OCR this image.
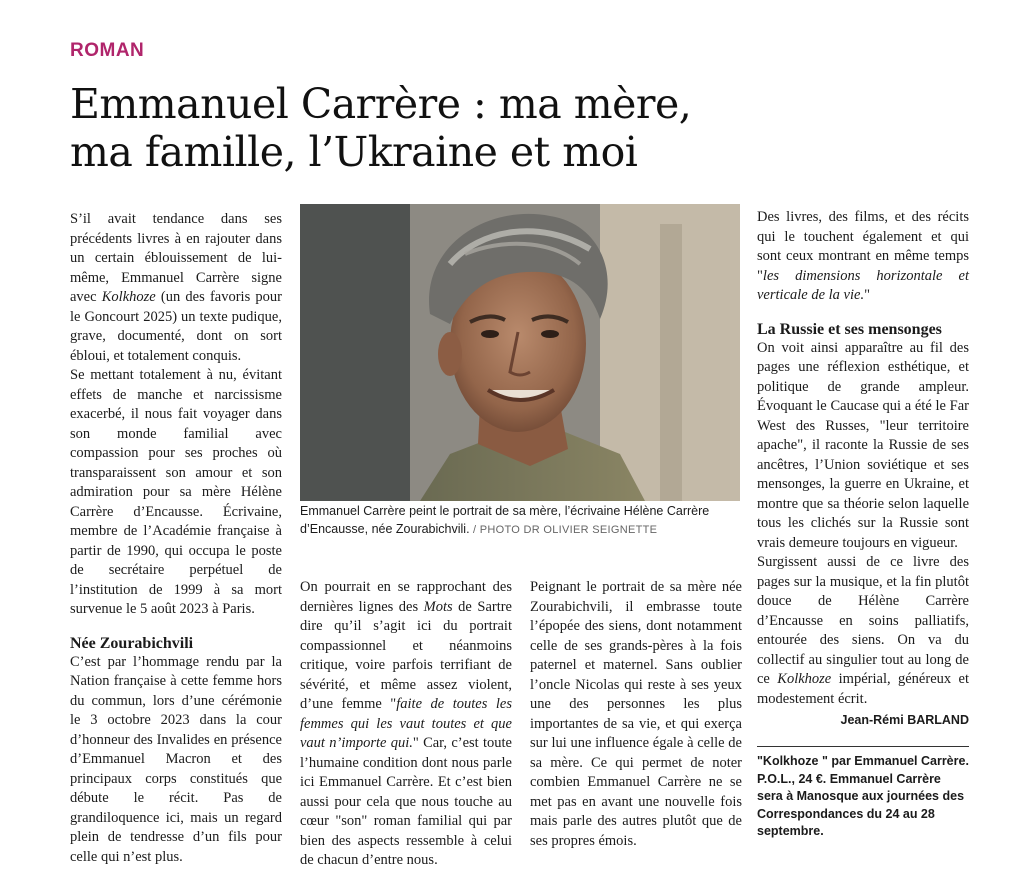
ROMAN
Emmanuel Carrère : ma mère,
ma famille, l’Ukraine et moi

S’il avait tendance dans ses précédents livres à en rajouter dans un certain éblouissement de lui-même, Emmanuel Carrère signe avec Kolkhoze (un des favoris pour le Goncourt 2025) un texte pudique, grave, documenté, dont on sort ébloui, et totalement conquis.

Se mettant totalement à nu, évitant effets de manche et narcissisme exacerbé, il nous fait voyager dans son monde familial avec compassion pour ses proches où transparaissent son amour et son admiration pour sa mère Hélène Carrère d’Encausse. Écrivaine, membre de l’Académie française à partir de 1990, qui occupa le poste de secrétaire perpétuel de l’institution de 1999 à sa mort survenue le 5 août 2023 à Paris.

Née Zourabichvili

C’est par l’hommage rendu par la Nation française à cette femme hors du commun, lors d’une cérémonie le 3 octobre 2023 dans la cour d’honneur des Invalides en présence d’Emmanuel Macron et des principaux corps constitués que débute le récit. Pas de grandiloquence ici, mais un regard plein de tendresse d’un fils pour celle qui n’est plus.

Emmanuel Carrère peint le portrait de sa mère, l’écrivaine Hélène Carrère d’Encausse, née Zourabichvili. / PHOTO DR OLIVIER SEIGNETTE

On pourrait en se rapprochant des dernières lignes des Mots de Sartre dire qu’il s’agit ici du portrait compassionnel et néanmoins critique, voire parfois terrifiant de sévérité, et même assez violent, d’une femme "faite de toutes les femmes qui les vaut toutes et que vaut n’importe qui." Car, c’est toute l’humaine condition dont nous parle ici Emmanuel Carrère. Et c’est bien aussi pour cela que nous touche au cœur "son" roman familial qui par bien des aspects ressemble à celui de chacun d’entre nous.

Peignant le portrait de sa mère née Zourabichvili, il embrasse toute l’épopée des siens, dont notamment celle de ses grands-pères à la fois paternel et maternel. Sans oublier l’oncle Nicolas qui reste à ses yeux une des personnes les plus importantes de sa vie, et qui exerça sur lui une influence égale à celle de sa mère. Ce qui permet de noter combien Emmanuel Carrère ne se met pas en avant une nouvelle fois mais parle des autres plutôt que de ses propres émois.

Des livres, des films, et des récits qui le touchent également et qui sont ceux montrant en même temps "les dimensions horizontale et verticale de la vie."

La Russie et ses mensonges

On voit ainsi apparaître au fil des pages une réflexion esthétique, et politique de grande ampleur. Évoquant le Caucase qui a été le Far West des Russes, "leur territoire apache", il raconte la Russie de ses ancêtres, l’Union soviétique et ses mensonges, la guerre en Ukraine, et montre que sa théorie selon laquelle tous les clichés sur la Russie sont vrais demeure toujours en vigueur.

Surgissent aussi de ce livre des pages sur la musique, et la fin plutôt douce de Hélène Carrère d’Encausse en soins palliatifs, entourée des siens. On va du collectif au singulier tout au long de ce Kolkhoze impérial, généreux et modestement écrit.

Jean-Rémi BARLAND
"Kolkhoze " par Emmanuel Carrère. P.O.L., 24 €. Emmanuel Carrère sera à Manosque aux journées des Correspondances du 24 au 28 septembre.
